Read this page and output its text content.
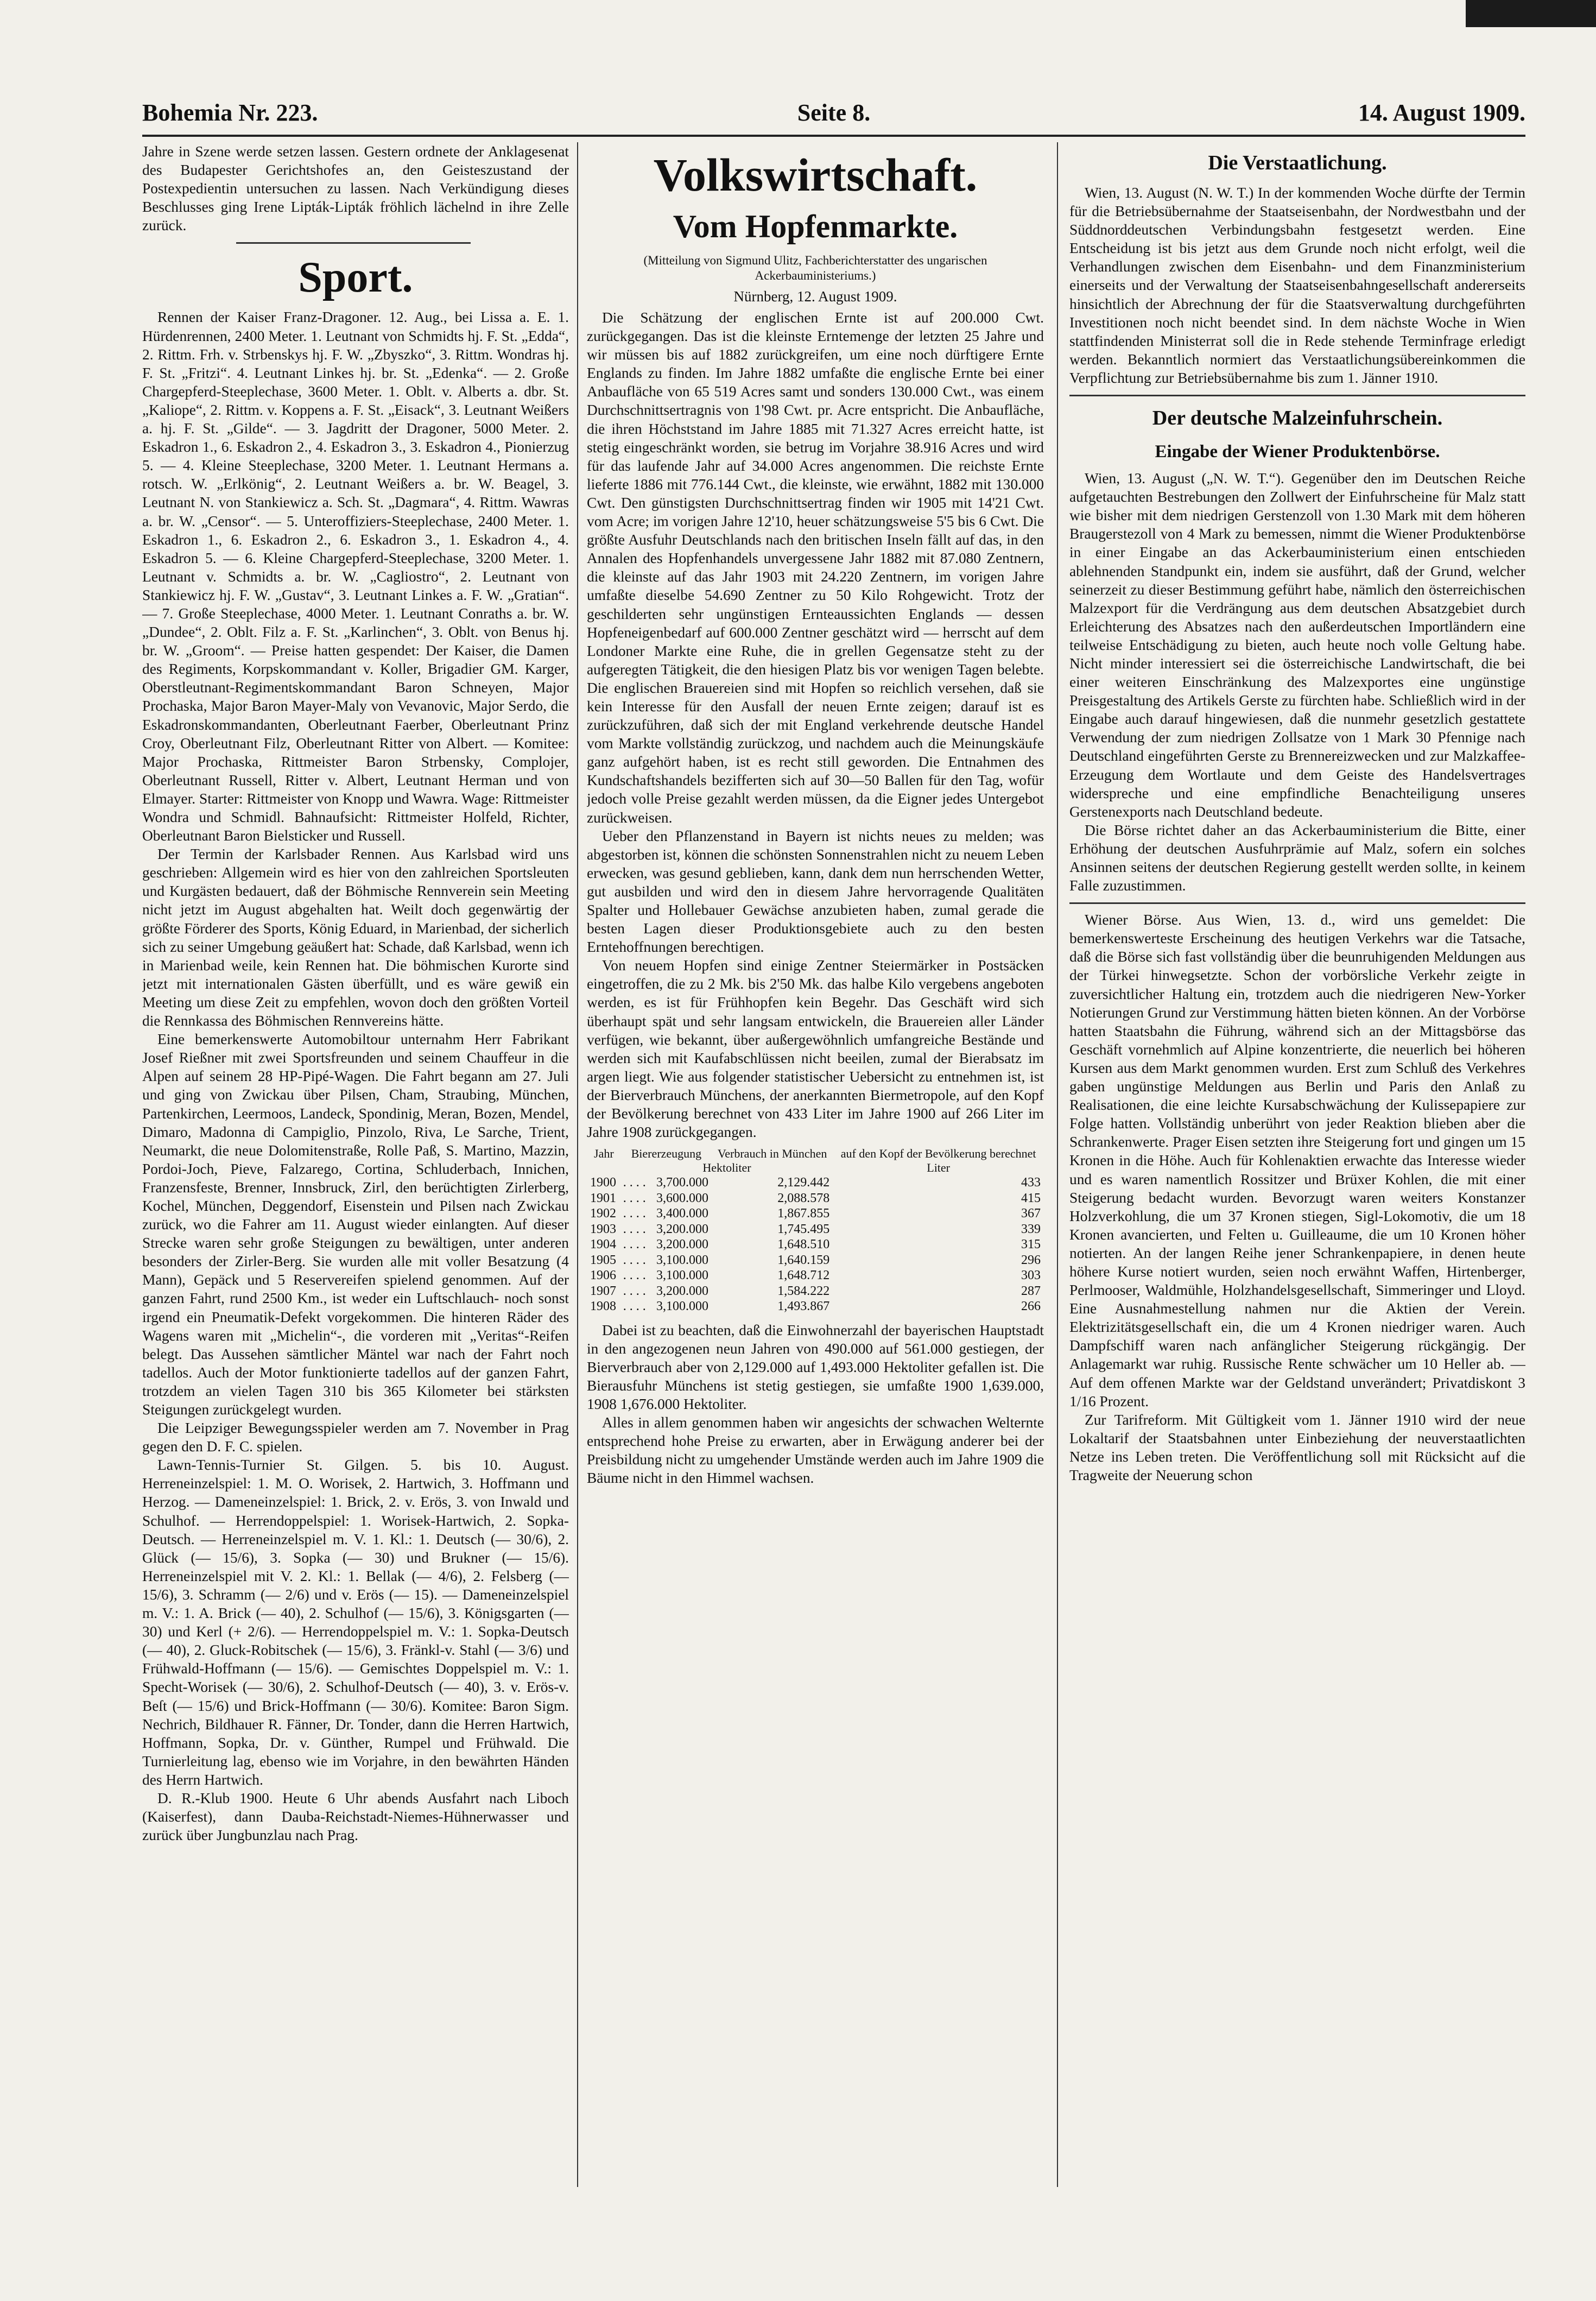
Bohemia Nr. 223.	Seite 8.	14. August 1909.

Jahre in Szene werde setzen lassen. Gestern ordnete der Anklagesenat des Budapester Gerichtshofes an, den Geisteszustand der Postexpedientin untersuchen zu lassen. Nach Verkündigung dieses Beschlusses ging Irene Lipták-Lipták fröhlich lächelnd in ihre Zelle zurück.

Sport.

Rennen der Kaiser Franz-Dragoner. 12. Aug., bei Lissa a. E. 1. Hürdenrennen, 2400 Meter. 1. Leutnant von Schmidts hj. F. St. „Edda“, 2. Rittm. Frh. v. Strbenskys hj. F. W. „Zbyszko“, 3. Rittm. Wondras hj. F. St. „Fritzi“. 4. Leutnant Linkes hj. br. St. „Edenka“. — 2. Große Chargepferd-Steeplechase, 3600 Meter. 1. Oblt. v. Alberts a. dbr. St. „Kaliope“, 2. Rittm. v. Koppens a. F. St. „Eisack“, 3. Leutnant Weißers a. hj. F. St. „Gilde“. — 3. Jagdritt der Dragoner, 5000 Meter. 2. Eskadron 1., 6. Eskadron 2., 4. Eskadron 3., 3. Eskadron 4., Pionierzug 5. — 4. Kleine Steeplechase, 3200 Meter. 1. Leutnant Hermans a. rotsch. W. „Erlkönig“, 2. Leutnant Weißers a. br. W. Beagel, 3. Leutnant N. von Stankiewicz a. Sch. St. „Dagmara“, 4. Rittm. Wawras a. br. W. „Censor“. — 5. Unteroffiziers-Steeplechase, 2400 Meter. 1. Eskadron 1., 6. Eskadron 2., 6. Eskadron 3., 1. Eskadron 4., 4. Eskadron 5. — 6. Kleine Chargepferd-Steeplechase, 3200 Meter. 1. Leutnant v. Schmidts a. br. W. „Cagliostro“, 2. Leutnant von Stankiewicz hj. F. W. „Gustav“, 3. Leutnant Linkes a. F. W. „Gratian“. — 7. Große Steeplechase, 4000 Meter. 1. Leutnant Conraths a. br. W. „Dundee“, 2. Oblt. Filz a. F. St. „Karlinchen“, 3. Oblt. von Benus hj. br. W. „Groom“. — Preise hatten gespendet: Der Kaiser, die Damen des Regiments, Korpskommandant v. Koller, Brigadier GM. Karger, Oberstleutnant-Regimentskommandant Baron Schneyen, Major Prochaska, Major Baron Mayer-Maly von Vevanovic, Major Serdo, die Eskadronskommandanten, Oberleutnant Faerber, Oberleutnant Prinz Croy, Oberleutnant Filz, Oberleutnant Ritter von Albert. — Komitee: Major Prochaska, Rittmeister Baron Strbensky, Complojer, Oberleutnant Russell, Ritter v. Albert, Leutnant Herman und von Elmayer. Starter: Rittmeister von Knopp und Wawra. Wage: Rittmeister Wondra und Schmidl. Bahnaufsicht: Rittmeister Holfeld, Richter, Oberleutnant Baron Bielsticker und Russell.

Der Termin der Karlsbader Rennen. Aus Karlsbad wird uns geschrieben: Allgemein wird es hier von den zahlreichen Sportsleuten und Kurgästen bedauert, daß der Böhmische Rennverein sein Meeting nicht jetzt im August abgehalten hat. Weilt doch gegenwärtig der größte Förderer des Sports, König Eduard, in Marienbad, der sicherlich sich zu seiner Umgebung geäußert hat: Schade, daß Karlsbad, wenn ich in Marienbad weile, kein Rennen hat. Die böhmischen Kurorte sind jetzt mit internationalen Gästen überfüllt, und es wäre gewiß ein Meeting um diese Zeit zu empfehlen, wovon doch den größten Vorteil die Rennkassa des Böhmischen Rennvereins hätte.

Eine bemerkenswerte Automobiltour unternahm Herr Fabrikant Josef Rießner mit zwei Sportsfreunden und seinem Chauffeur in die Alpen auf seinem 28 HP-Pipé-Wagen. Die Fahrt begann am 27. Juli und ging von Zwickau über Pilsen, Cham, Straubing, München, Partenkirchen, Leermoos, Landeck, Spondinig, Meran, Bozen, Mendel, Dimaro, Madonna di Campiglio, Pinzolo, Riva, Le Sarche, Trient, Neumarkt, die neue Dolomitenstraße, Rolle Paß, S. Martino, Mazzin, Pordoi-Joch, Pieve, Falzarego, Cortina, Schluderbach, Innichen, Franzensfeste, Brenner, Innsbruck, Zirl, den berüchtigten Zirlerberg, Kochel, München, Deggendorf, Eisenstein und Pilsen nach Zwickau zurück, wo die Fahrer am 11. August wieder einlangten. Auf dieser Strecke waren sehr große Steigungen zu bewältigen, unter anderen besonders der Zirler-Berg. Sie wurden alle mit voller Besatzung (4 Mann), Gepäck und 5 Reservereifen spielend genommen. Auf der ganzen Fahrt, rund 2500 Km., ist weder ein Luftschlauch- noch sonst irgend ein Pneumatik-Defekt vorgekommen. Die hinteren Räder des Wagens waren mit „Michelin“-, die vorderen mit „Veritas“-Reifen belegt. Das Aussehen sämtlicher Mäntel war nach der Fahrt noch tadellos. Auch der Motor funktionierte tadellos auf der ganzen Fahrt, trotzdem an vielen Tagen 310 bis 365 Kilometer bei stärksten Steigungen zurückgelegt wurden.

Die Leipziger Bewegungsspieler werden am 7. November in Prag gegen den D. F. C. spielen.

Lawn-Tennis-Turnier St. Gilgen. 5. bis 10. August. Herreneinzelspiel: 1. M. O. Worisek, 2. Hartwich, 3. Hoffmann und Herzog. — Dameneinzelspiel: 1. Brick, 2. v. Erös, 3. von Inwald und Schulhof. — Herrendoppelspiel: 1. Worisek-Hartwich, 2. Sopka-Deutsch. — Herreneinzelspiel m. V. 1. Kl.: 1. Deutsch (— 30/6), 2. Glück (— 15/6), 3. Sopka (— 30) und Brukner (— 15/6). Herreneinzelspiel mit V. 2. Kl.: 1. Bellak (— 4/6), 2. Felsberg (— 15/6), 3. Schramm (— 2/6) und v. Erös (— 15). — Dameneinzelspiel m. V.: 1. A. Brick (— 40), 2. Schulhof (— 15/6), 3. Königsgarten (— 30) und Kerl (+ 2/6). — Herrendoppelspiel m. V.: 1. Sopka-Deutsch (— 40), 2. Gluck-Robitschek (— 15/6), 3. Fränkl-v. Stahl (— 3/6) und Frühwald-Hoffmann (— 15/6). — Gemischtes Doppelspiel m. V.: 1. Specht-Worisek (— 30/6), 2. Schulhof-Deutsch (— 40), 3. v. Erös-v. Beſt (— 15/6) und Brick-Hoffmann (— 30/6). Komitee: Baron Sigm. Nechrich, Bildhauer R. Fänner, Dr. Tonder, dann die Herren Hartwich, Hoffmann, Sopka, Dr. v. Günther, Rumpel und Frühwald. Die Turnierleitung lag, ebenso wie im Vorjahre, in den bewährten Händen des Herrn Hartwich.

D. R.-Klub 1900. Heute 6 Uhr abends Ausfahrt nach Liboch (Kaiserfest), dann Dauba-Reichstadt-Niemes-Hühnerwasser und zurück über Jungbunzlau nach Prag.

Volkswirtschaft.
Vom Hopfenmarkte.
(Mitteilung von Sigmund Ulitz, Fachberichterstatter des ungarischen Ackerbauministeriums.)
Nürnberg, 12. August 1909.

Die Schätzung der englischen Ernte ist auf 200.000 Cwt. zurückgegangen. Das ist die kleinste Erntemenge der letzten 25 Jahre und wir müssen bis auf 1882 zurückgreifen, um eine noch dürftigere Ernte Englands zu finden. Im Jahre 1882 umfaßte die englische Ernte bei einer Anbaufläche von 65 519 Acres samt und sonders 130.000 Cwt., was einem Durchschnittsertragnis von 1'98 Cwt. pr. Acre entspricht. Die Anbaufläche, die ihren Höchststand im Jahre 1885 mit 71.327 Acres erreicht hatte, ist stetig eingeschränkt worden, sie betrug im Vorjahre 38.916 Acres und wird für das laufende Jahr auf 34.000 Acres angenommen. Die reichste Ernte lieferte 1886 mit 776.144 Cwt., die kleinste, wie erwähnt, 1882 mit 130.000 Cwt. Den günstigsten Durchschnittsertrag finden wir 1905 mit 14'21 Cwt. vom Acre; im vorigen Jahre 12'10, heuer schätzungsweise 5'5 bis 6 Cwt. Die größte Ausfuhr Deutschlands nach den britischen Inseln fällt auf das, in den Annalen des Hopfenhandels unvergessene Jahr 1882 mit 87.080 Zentnern, die kleinste auf das Jahr 1903 mit 24.220 Zentnern, im vorigen Jahre umfaßte dieselbe 54.690 Zentner zu 50 Kilo Rohgewicht. Trotz der geschilderten sehr ungünstigen Ernteaussichten Englands — dessen Hopfeneigenbedarf auf 600.000 Zentner geschätzt wird — herrscht auf dem Londoner Markte eine Ruhe, die in grellen Gegensatze steht zu der aufgeregten Tätigkeit, die den hiesigen Platz bis vor wenigen Tagen belebte. Die englischen Brauereien sind mit Hopfen so reichlich versehen, daß sie kein Interesse für den Ausfall der neuen Ernte zeigen; darauf ist es zurückzuführen, daß sich der mit England verkehrende deutsche Handel vom Markte vollständig zurückzog, und nachdem auch die Meinungskäufe ganz aufgehört haben, ist es recht still geworden. Die Entnahmen des Kundschaftshandels bezifferten sich auf 30—50 Ballen für den Tag, wofür jedoch volle Preise gezahlt werden müssen, da die Eigner jedes Untergebot zurückweisen.

Ueber den Pflanzenstand in Bayern ist nichts neues zu melden; was abgestorben ist, können die schönsten Sonnenstrahlen nicht zu neuem Leben erwecken, was gesund geblieben, kann, dank dem nun herrschenden Wetter, gut ausbilden und wird den in diesem Jahre hervorragende Qualitäten Spalter und Hollebauer Gewächse anzubieten haben, zumal gerade die besten Lagen dieser Produktionsgebiete auch zu den besten Erntehoffnungen berechtigen.

Von neuem Hopfen sind einige Zentner Steiermärker in Postsäcken eingetroffen, die zu 2 Mk. bis 2'50 Mk. das halbe Kilo vergebens angeboten werden, es ist für Frühhopfen kein Begehr. Das Geschäft wird sich überhaupt spät und sehr langsam entwickeln, die Brauereien aller Länder verfügen, wie bekannt, über außergewöhnlich umfangreiche Bestände und werden sich mit Kaufabschlüssen nicht beeilen, zumal der Bierabsatz im argen liegt. Wie aus folgender statistischer Uebersicht zu entnehmen ist, ist der Bierverbrauch Münchens, der anerkannten Biermetropole, auf den Kopf der Bevölkerung berechnet von 433 Liter im Jahre 1900 auf 266 Liter im Jahre 1908 zurückgegangen.

Jahr	Biererzeugung		Verbrauch in München	auf den Kopf der Bevölkerung berechnet
	Hektoliter			Liter
1900	. . . .	3,700.000	2,129.442	433
1901	. . . .	3,600.000	2,088.578	415
1902	. . . .	3,400.000	1,867.855	367
1903	. . . .	3,200.000	1,745.495	339
1904	. . . .	3,200.000	1,648.510	315
1905	. . . .	3,100.000	1,640.159	296
1906	. . . .	3,100.000	1,648.712	303
1907	. . . .	3,200.000	1,584.222	287
1908	. . . .	3,100.000	1,493.867	266

Dabei ist zu beachten, daß die Einwohnerzahl der bayerischen Hauptstadt in den angezogenen neun Jahren von 490.000 auf 561.000 gestiegen, der Bierverbrauch aber von 2,129.000 auf 1,493.000 Hektoliter gefallen ist. Die Bierausfuhr Münchens ist stetig gestiegen, sie umfaßte 1900 1,639.000, 1908 1,676.000 Hektoliter.

Alles in allem genommen haben wir angesichts der schwachen Welternte entsprechend hohe Preise zu erwarten, aber in Erwägung anderer bei der Preisbildung nicht zu umgehender Umstände werden auch im Jahre 1909 die Bäume nicht in den Himmel wachsen.

Die Verstaatlichung.

Wien, 13. August (N. W. T.) In der kommenden Woche dürfte der Termin für die Betriebsübernahme der Staatseisenbahn, der Nordwestbahn und der Süddnorddeutschen Verbindungsbahn festgesetzt werden. Eine Entscheidung ist bis jetzt aus dem Grunde noch nicht erfolgt, weil die Verhandlungen zwischen dem Eisenbahn- und dem Finanzministerium einerseits und der Verwaltung der Staatseisenbahngesellschaft andererseits hinsichtlich der Abrechnung der für die Staatsverwaltung durchgeführten Investitionen noch nicht beendet sind. In dem nächste Woche in Wien stattfindenden Ministerrat soll die in Rede stehende Terminfrage erledigt werden. Bekanntlich normiert das Verstaatlichungsübereinkommen die Verpflichtung zur Betriebsübernahme bis zum 1. Jänner 1910.

Der deutsche Malzeinfuhrschein.
Eingabe der Wiener Produktenbörse.

Wien, 13. August („N. W. T.“). Gegenüber den im Deutschen Reiche aufgetauchten Bestrebungen den Zollwert der Einfuhrscheine für Malz statt wie bisher mit dem niedrigen Gerstenzoll von 1.30 Mark mit dem höheren Braugerstezoll von 4 Mark zu bemessen, nimmt die Wiener Produktenbörse in einer Eingabe an das Ackerbauministerium einen entschieden ablehnenden Standpunkt ein, indem sie ausführt, daß der Grund, welcher seinerzeit zu dieser Bestimmung geführt habe, nämlich den österreichischen Malzexport für die Verdrängung aus dem deutschen Absatzgebiet durch Erleichterung des Absatzes nach den außerdeutschen Importländern eine teilweise Entschädigung zu bieten, auch heute noch volle Geltung habe. Nicht minder interessiert sei die österreichische Landwirtschaft, die bei einer weiteren Einschränkung des Malzexportes eine ungünstige Preisgestaltung des Artikels Gerste zu fürchten habe. Schließlich wird in der Eingabe auch darauf hingewiesen, daß die nunmehr gesetzlich gestattete Verwendung der zum niedrigen Zollsatze von 1 Mark 30 Pfennige nach Deutschland eingeführten Gerste zu Brennereizwecken und zur Malzkaffee-Erzeugung dem Wortlaute und dem Geiste des Handelsvertrages widerspreche und eine empfindliche Benachteiligung unseres Gerstenexports nach Deutschland bedeute.

Die Börse richtet daher an das Ackerbauministerium die Bitte, einer Erhöhung der deutschen Ausfuhrprämie auf Malz, sofern ein solches Ansinnen seitens der deutschen Regierung gestellt werden sollte, in keinem Falle zuzustimmen.

Wiener Börse. Aus Wien, 13. d., wird uns gemeldet: Die bemerkenswerteste Erscheinung des heutigen Verkehrs war die Tatsache, daß die Börse sich fast vollständig über die beunruhigenden Meldungen aus der Türkei hinwegsetzte. Schon der vorbörsliche Verkehr zeigte in zuversichtlicher Haltung ein, trotzdem auch die niedrigeren New-Yorker Notierungen Grund zur Verstimmung hätten bieten können. An der Vorbörse hatten Staatsbahn die Führung, während sich an der Mittagsbörse das Geschäft vornehmlich auf Alpine konzentrierte, die neuerlich bei höheren Kursen aus dem Markt genommen wurden. Erst zum Schluß des Verkehres gaben ungünstige Meldungen aus Berlin und Paris den Anlaß zu Realisationen, die eine leichte Kursabschwächung der Kulissepapiere zur Folge hatten. Vollständig unberührt von jeder Reaktion blieben aber die Schrankenwerte. Prager Eisen setzten ihre Steigerung fort und gingen um 15 Kronen in die Höhe. Auch für Kohlenaktien erwachte das Interesse wieder und es waren namentlich Rossitzer und Brüxer Kohlen, die mit einer Steigerung bedacht wurden. Bevorzugt waren weiters Konstanzer Holzverkohlung, die um 37 Kronen stiegen, Sigl-Lokomotiv, die um 18 Kronen avancierten, und Felten u. Guilleaume, die um 10 Kronen höher notierten. An der langen Reihe jener Schrankenpapiere, in denen heute höhere Kurse notiert wurden, seien noch erwähnt Waffen, Hirtenberger, Perlmooser, Waldmühle, Holzhandelsgesellschaft, Simmeringer und Lloyd. Eine Ausnahmestellung nahmen nur die Aktien der Verein. Elektrizitätsgesellschaft ein, die um 4 Kronen niedriger waren. Auch Dampfschiff waren nach anfänglicher Steigerung rückgängig. Der Anlagemarkt war ruhig. Russische Rente schwächer um 10 Heller ab. — Auf dem offenen Markte war der Geldstand unverändert; Privatdiskont 3 1/16 Prozent.

Zur Tarifreform. Mit Gültigkeit vom 1. Jänner 1910 wird der neue Lokaltarif der Staatsbahnen unter Einbeziehung der neuverstaatlichten Netze ins Leben treten. Die Veröffentlichung soll mit Rücksicht auf die Tragweite der Neuerung schon
